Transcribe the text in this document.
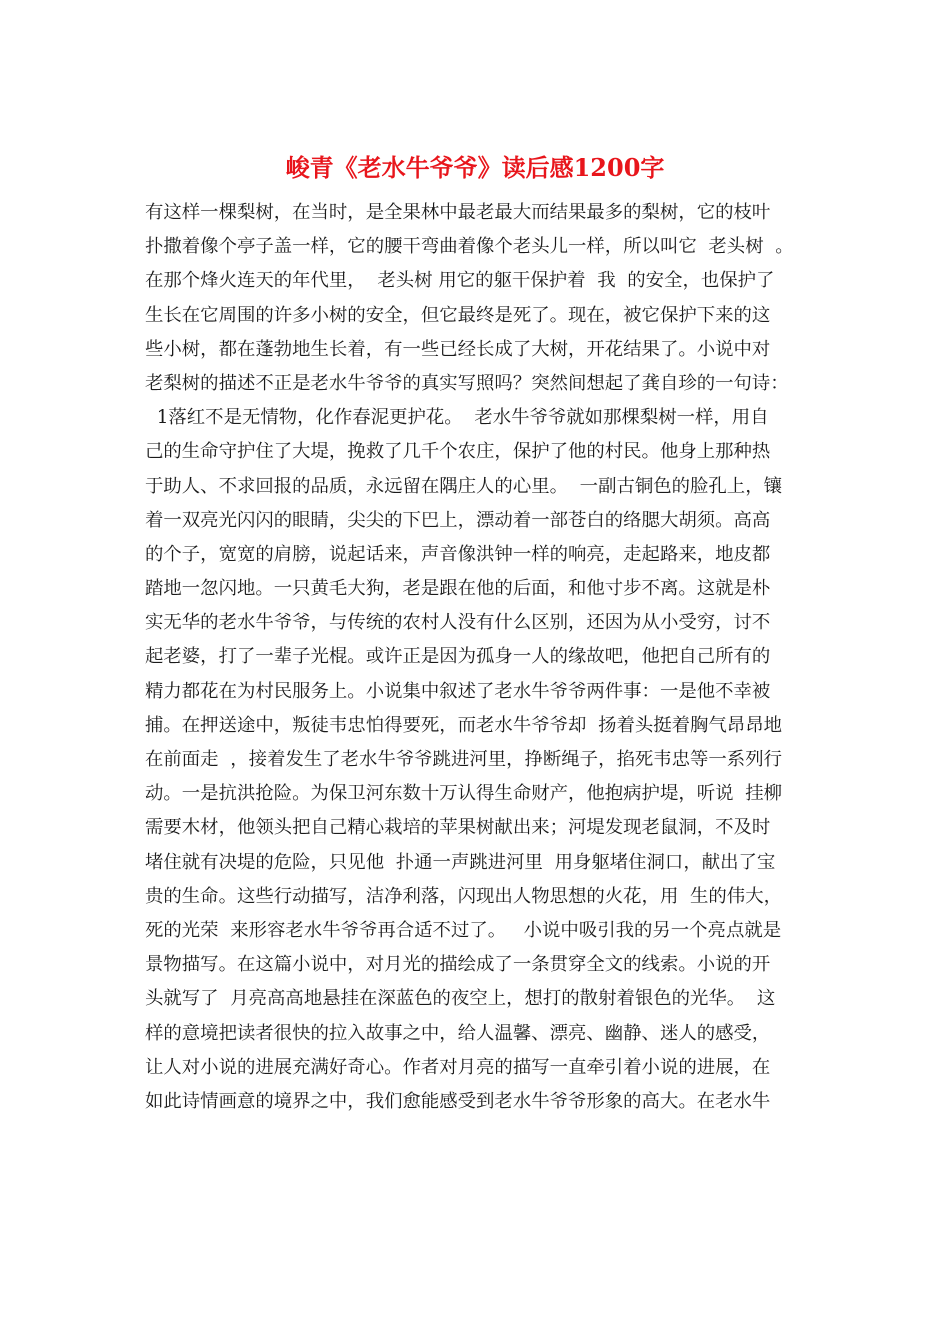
峻青《老水牛爷爷》读后感1200字
有这样一棵梨树，在当时，是全果林中最老最大而结果最多的梨树，它的枝叶
扑撒着像个亭子盖一样，它的腰干弯曲着像个老头儿一样，所以叫它  老头树  。
在那个烽火连天的年代里，  老头树 用它的躯干保护着  我  的安全，也保护了
生长在它周围的许多小树的安全，但它最终是死了。现在，被它保护下来的这
些小树，都在蓬勃地生长着，有一些已经长成了大树，开花结果了。小说中对
老梨树的描述不正是老水牛爷爷的真实写照吗？突然间想起了龚自珍的一句诗：
1落红不是无情物，化作春泥更护花。  老水牛爷爷就如那棵梨树一样，用自
己的生命守护住了大堤，挽救了几千个农庄，保护了他的村民。他身上那种热
于助人、不求回报的品质，永远留在隅庄人的心里。  一副古铜色的脸孔上，镶
着一双亮光闪闪的眼睛，尖尖的下巴上，漂动着一部苍白的络腮大胡须。高高
的个子，宽宽的肩膀，说起话来，声音像洪钟一样的响亮，走起路来，地皮都
踏地一忽闪地。一只黄毛大狗，老是跟在他的后面，和他寸步不离。这就是朴
实无华的老水牛爷爷，与传统的农村人没有什么区别，还因为从小受穷，讨不
起老婆，打了一辈子光棍。或许正是因为孤身一人的缘故吧，他把自己所有的
精力都花在为村民服务上。小说集中叙述了老水牛爷爷两件事：一是他不幸被
捕。在押送途中，叛徒韦忠怕得要死，而老水牛爷爷却  扬着头挺着胸气昂昂地
在前面走  ，接着发生了老水牛爷爷跳进河里，挣断绳子，掐死韦忠等一系列行
动。一是抗洪抢险。为保卫河东数十万认得生命财产，他抱病护堤，听说  挂柳
需要木材，他领头把自己精心栽培的苹果树献出来；河堤发现老鼠洞，不及时
堵住就有决堤的危险，只见他  扑通一声跳进河里  用身躯堵住洞口，献出了宝
贵的生命。这些行动描写，洁净利落，闪现出人物思想的火花，用  生的伟大，
死的光荣  来形容老水牛爷爷再合适不过了。   小说中吸引我的另一个亮点就是
景物描写。在这篇小说中，对月光的描绘成了一条贯穿全文的线索。小说的开
头就写了  月亮高高地悬挂在深蓝色的夜空上，想打的散射着银色的光华。  这
样的意境把读者很快的拉入故事之中，给人温馨、漂亮、幽静、迷人的感受，
让人对小说的进展充满好奇心。作者对月亮的描写一直牵引着小说的进展，在
如此诗情画意的境界之中，我们愈能感受到老水牛爷爷形象的高大。在老水牛
